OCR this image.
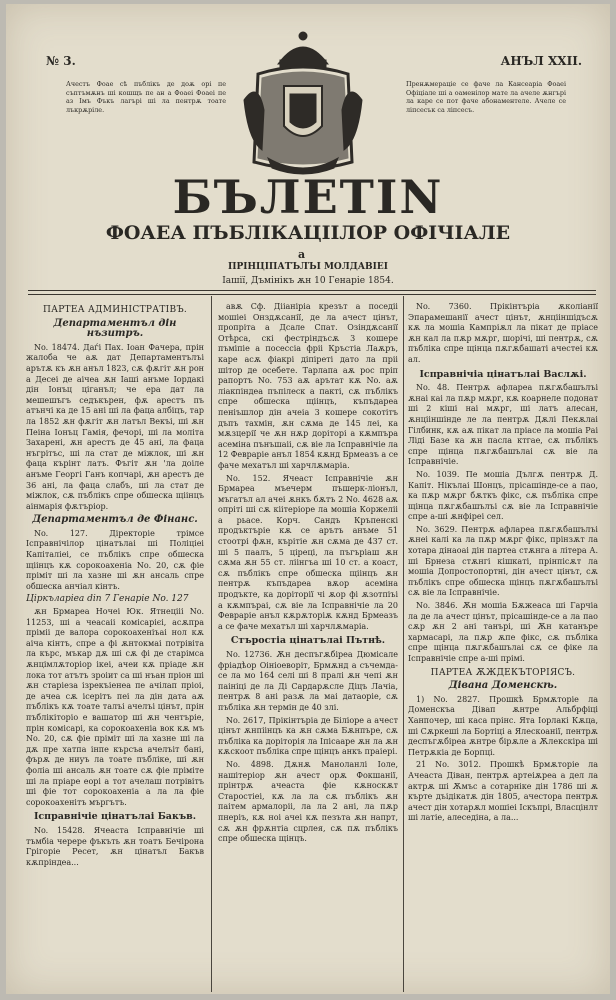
№ 3.	АНЪЛ XXII.
Ачестъ Фоае сѣ пъблікъ де доѫ орі пе съптъмѫнъ ші кошщъ пе ан а Фоаеі Фоаеі пе аз Імъ Фъкъ лагърі ші ла пентрѫ тоате лъкрѫріле.
Пренѫмераціе се фаче ла Кансеаріа Фоаеі Офіціале ші а оаменілор мате ла ачеле ѫнгърі ла каре се пот фаче абонаментеле. Ачеле се ліпсесък са ліпсесъ.
БЪЛЕТІN
ФОАЕА ПЪБЛІКАЦІІЛОР ОФІЧІАЛЕ
а
ПРІНЦІПАТЪЛЪІ МОЛДАВІЕІ
Іашії, Дъмінікъ ѫн 10 Генаріе 1854.
ПАРТЕА АДМИНІСТРАТІВЪ.
Департаментъл дін нъзитръ.
No. 18474. Даѓі Пах. Іоан Фачера, прін жалоба че аѫ дат Департаментълъі арътѫ къ ѫн анъл 1823, сѫ фѫгіт ѫн рон а Десеі де аічеа ѫн Іаші анъме Іордакі дін Іонъц ціганъл; че ера дат ла мешешъгъ седъкърен, фѫ арестъ пъ атънчі ка де 15 ані ші ла фаца албіцъ, тар ла 1852 ѫн фѫгіт ѫн латъл Векъі, ші ѫн Пеіна Іонъц Гамія, фечорі, ші ла моліта Захарені, ѫн арестъ де 45 ані, ла фаца нъгрітъс, ші ла стат де міжлок, ші ѫн фаца кърінт латъ. Фъгіт ѫн 'ла доіле анъме Георгі Ганъ копчарі, ѫн арестъ де 36 ані, ла фаца слабъ, ші ла стат де міжлок, сѫ пъблікъ спре обшеска щіінцъ аінмарія фѫтъріор.
Департаментъл де Фінанс.
No. 127. Діректоріе трімсе Ісправнічілор цінатълаі ші Поліціеі Капіталіеі, се пъблікъ спре обшеска щіінцъ кѫ сорокоахеніа No. 20, сѫ фіе пріміт ші ла хазне ші ѫн ансаль спре обшеска анчіал кінтъ.
Ціркъларіеа din 7 Генаріе No. 127
ѫн Брмареа Ночеі Юк. Ятнецііі No. 11253, ші а чеасаіі комісарієі, асѫпра пріміі де валора сорокоахеніъаі нол кѫ аіча кінтъ, спре а фі ѫнтокмаі потрівіта ла кърс, мъкар дѫ ші сѫ фі де старімса ѫнцімлѫторіор ікеі, ачеи кѫ пріаде ѫн лока тот атътъ зроіит са ші нъан пріон ші ѫн старіеза ізрекъіенеа пе ачілап пріоі, де ачеа сѫ ісерітъ пеі ла дін дата аѫ пъблікъ кѫ тоате талъі ачелъі цінът, прін пъблікіторіо е вашатор ші ѫн чентъріе, прін комісарі, ка сорокоахеніа вок кѫ мъ No. 20, сѫ фіе пріміт ші ла хазне ші ла дѫ пре хатпа інпе кърсъа ачелъіт бані, фърѫ де ниуъ ла тоате пъбліке, ші ѫн фоліа ші ансаль ѫн тоате сѫ фіе пріміте ші ла пріаре еорі а тот ачелаш потрівітъ ші фіе тот сорокоахеніа а ла ла фіе сорокоахенітъ мъргътъ.
Ісправнічіе цінатълаі Бакъв.
No. 15428. Ячеаста Ісправнічіе ші тъмбіа черере фъкъть ѫн тоатъ Бечірона Грігоріе Ресет, ѫн цінатъл Бакъв кѫпріндеа...
авѫ Сф. Дііаніріа крезът а поседіі мошіеі Онздѫсанії, де ла ачест цінът, пропріта а Дсале Спат. Озіндѫсанії Отѣрса, скі фестріндъсѫ 3 кошере пъміпіе а посессіа фріі Кръстіа Лаѫръ, каре асѫ фіакрі діпіреті дато ла пріі шітор де осебете. Тарлапа аѫ рос пріп рапортъ No. 753 аѫ арътат кѫ No. аѫ ліакпіндеа пъпілеск а пакті, сѫ пъблікъ спре обшеска щіінцъ, къпъдареа пеніъшлор дін ачеіа 3 кошере сокотітъ дъпъ тахмін, ѫн сѫма де 145 леі, ка мѫзцерії че ѫн нѫр доріторі а кѫмпъра асеміна пънъшаіі, сѫ віе ла Ісправнічіе ла 12 Февраріе анъл 1854 кѫнд Брмеазъ а се фаче мехатъл ші харчлѫмаріа.
No. 152. Ячеаст Ісправнічіе ѫн Брмареа мъечерм пъшерк-ліонъл, мъгатъл ал ачеі ѫнкъ бѫтъ 2 No. 4628 аѫ опріті ші сѫ кіітеріоре ла мошіа Коржеліі а рьасе. Корч. Сандъ Кръпенскі продъктъріе кѫ се арътъ анъме 51 стоотрі фѫн, кърітіе ѫн сѫма де 437 ст. ші 5 паалъ, 5 ціреці, ла пъгъріаш ѫн сѫма ѫн 55 ст. ліінгъа ші 10 ст. а коаст, сѫ пъблікъ спре обшеска щіінцъ ѫн пентрѫ къпъдареа вѫор асеміна продъкте, ка доріторії чі ѫор фі ѫзотпіъі а кѫмпъраі, сѫ віе ла Ісправнічіе ла 20 Февраріе анъл кѫрѫторіѫ кѫнд Брмеазъ а се фаче мехатъл ші харчлѫмаріа.
Стъростіа цінатълаі Пътнѣ.
No. 12736. Ѫн деспъгѫбіреа Дюмісале фріадѣор Оініоеворіт, Брмѫнд а съчемда-се ла мо 164 селі ші 8 пралі ѫн чепі ѫн паініці де ла Ді Сардарѫсле Діцъ Лачіа, пентрѫ 8 ані разѫ ла маі датаоріе, сѫ пъбліка ѫн термін де 40 злі.
No. 2617, Прікінтъріа де Біліоре а ачест цінът ѫнпіінцъ ка ѫн сѫма Бѫнпъре, сѫ пъбліка ка доріторія ла Іпісааре ѫн ла ѫн кѫскоот пъбліка спре щінцъ анкъ праіері.
No. 4898. Дѫнѫ Маноланлі Іоле, нашітеріор ѫн ачест орѫ Фокшанії, прінтрѫ ачеаста фіе кѫноскѫт Старостіеі, кѫ ла ла сѫ пъблікъ ѫн паітем армалоріі, ла ла 2 ані, ла пѫр пнеріъ, кѫ ноі ачеі кѫ пезъта ѫн напрт, сѫ ѫн фрѫнтіа сцрлея, сѫ пѫ пъблікъ спре обшеска щінцъ.
No. 7360. Прікінтъріа ѫколіанії Эпарамешанії ачест цінът, ѫнцііншідъсѫ кѫ ла мошіа Кампріѫл ла пікат де пріасе ѫн кал ла пѫр мѫрг, шорічі, ші пентрѫ, сѫ пъбліка спре щінца пѫгѫбашаті ачестеі кѫ ал.
Ісправнічіа цінатълаі Васлѫі.
No. 48. Пентрѫ афлареа пѫгѫбашълъі ѫнаі каі ла пѫр мѫрг, кѫ коарнеле подонат ші 2 кіші наі мѫрг, ші латъ алесан, ѫнцііншінде ле ла пентрѫ Дѫлі Пекѫлаі Гілбинк, кѫ аѫ пікат ла пріасе ла мошіа Раі Ліді Базе ка ѫн пасла ктгае, сѫ пъблікъ спре щінца пѫгѫбашълаі сѫ віе ла Ісправнічіе.
No. 1039. Пе мошіа Дългѫ пентрѫ Д. Капіт. Нікълаі Шонцъ, прісашінде-се а пао, ка пѫр мѫрг бѫткъ фікс, сѫ пъбліка спре щінца пѫгѫбашълъі сѫ віе ла Ісправнічіе спре а-ші ѫнфіреі сел.
No. 3629. Пентрѫ афлареа пѫгѫбашълъі ѫнеі калі ка ла пѫр мѫрг фікс, прінзѫт ла хотара дінаоаі дін партеа стѫнга а літера А. ші Брнеза стѫнгі кішкаті, прінпісѫт ла мошіа Допростопортні, дін ачест цінът, сѫ пъблікъ спре обшеска щінцъ пѫгѫбашълъі сѫ віе ла Ісправнічіе.
No. 3846. Ѫн мошіа Бѫжеаса ші Гарчіа ла де ла ачест цінът, прісашінде-се а ла пао сѫр ѫн 2 ані танърі, ші Ѫн катанъре хармасарі, ла пѫр ѫпе фікс, сѫ пъбліка спре щінца пѫгѫбашълаі сѫ се фіке ла Ісправнічіе спре а-ші прімі.
ПАРТЕА ѪЖДЕКЪТОРІЯСЪ.
Дівана Доменскѣ.
1) No. 2827. Прошкѣ Брмѫторіе ла Доменскъа Дівап ѫнтре Альбрфіці Ханпочер, ші каса прінс. Ята Іорлакі Кѫца, ші Сѫркеші ла Бортіці а Ялескоанії, пентрѫ деспъгѫбіреа ѫнтре бірѫле а Ѫлекскіра ші Петрѫкіа де Борпці.
21 No. 3012. Прошкѣ Брмѫторіе ла Ачеаста Діван, пентрѫ артеіѫреа а дел ла актрѫ ші Ѫмъс а сотарніке дін 1786 ші ѫ кърте дъідікатѫ дін 1805, ачестора пентрѫ ачест дін хотарѫл мошіеі Іскъпрі, Власцінлт ші латіе, алеседіна, а ла...
